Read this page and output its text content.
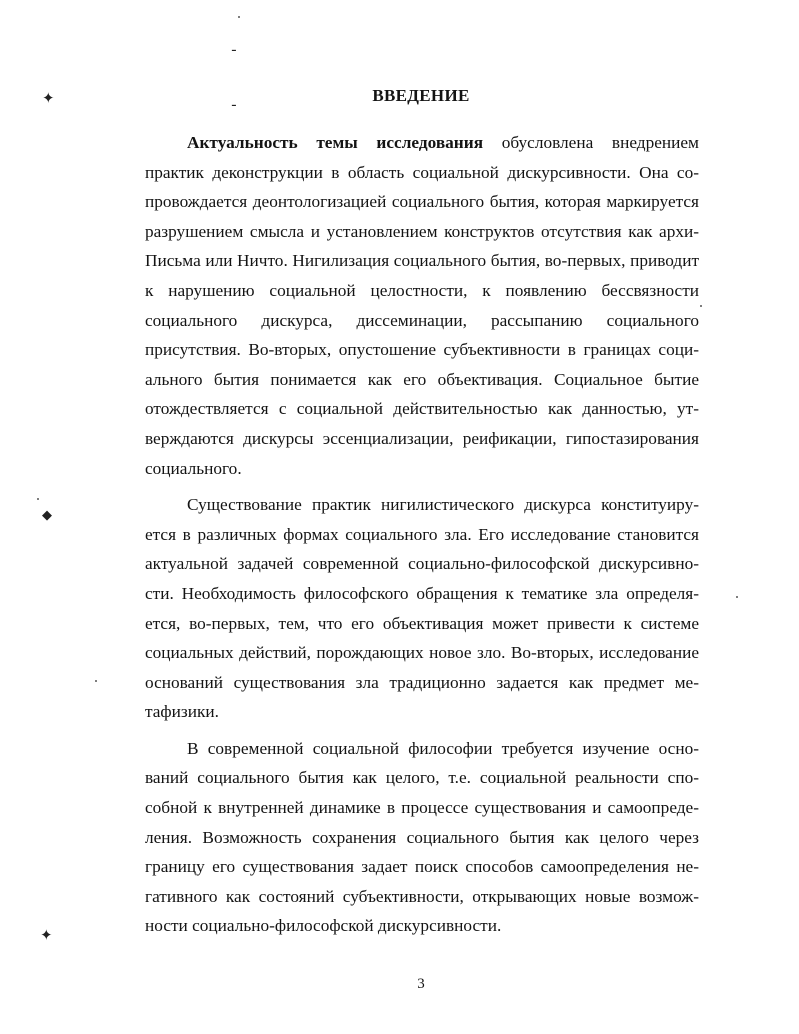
ـ
ـ
✦
◆
✦
ВВЕДЕНИЕ

Актуальность темы исследования обусловлена внедрением практик деконструкции в область социальной дискурсивности. Она сопровождается деонтологизацией социального бытия, которая маркируется разрушением смысла и установлением конструктов отсутствия как архи-Письма или Ничто. Нигилизация социального бытия, во-первых, приводит к нарушению социальной целостности, к появлению бессвязности социального дискурса, диссеминации, рассыпанию социального присутствия. Во-вторых, опустошение субъективности в границах социального бытия понимается как его объективация. Социальное бытие отождествляется с социальной действительностью как данностью, утверждаются дискурсы эссенциализации, реификации, гипостазирования социального.

Существование практик нигилистического дискурса конституируется в различных формах социального зла. Его исследование становится актуальной задачей современной социально-философской дискурсивности. Необходимость философского обращения к тематике зла определяется, во-первых, тем, что его объективация может привести к системе социальных действий, порождающих новое зло. Во-вторых, исследование оснований существования зла традиционно задается как предмет метафизики.

В современной социальной философии требуется изучение оснований социального бытия как целого, т.е. социальной реальности способной к внутренней динамике в процессе существования и самоопределения. Возможность сохранения социального бытия как целого через границу его существования задает поиск способов самоопределения негативного как состояний субъективности, открывающих новые возможности социально-философской дискурсивности.

3
